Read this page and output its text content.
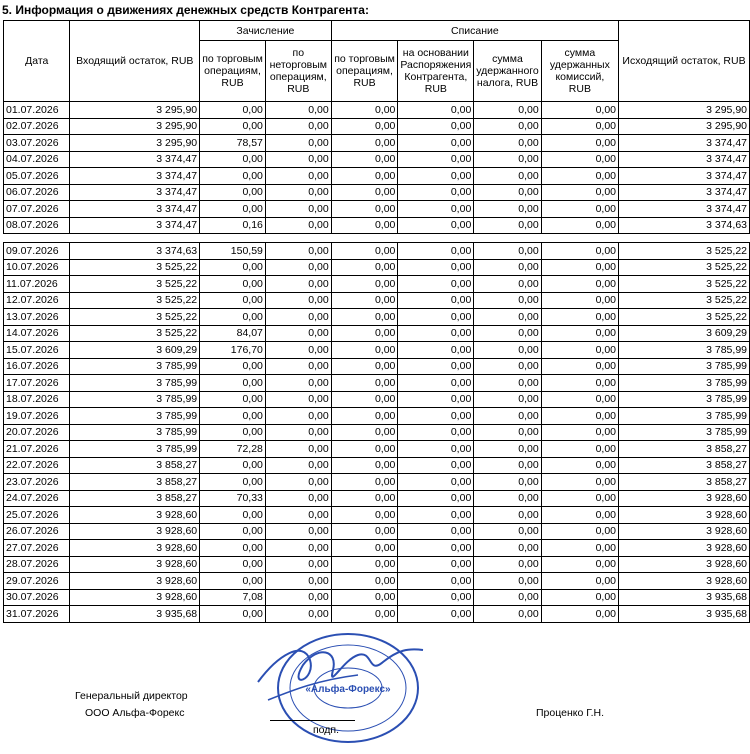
5. Информация о движениях денежных средств Контрагента:
Дата	Входящий остаток, RUB	Зачисление		Списание				Исходящий остаток, RUB
		по торговым операциям, RUB	по неторговым операциям, RUB	по торговым операциям, RUB	на основании Распоряжения Контрагента, RUB	сумма удержанного налога, RUB	сумма удержанных комиссий, RUB	
01.07.2026	3 295,90	0,00	0,00	0,00	0,00	0,00	0,00	3 295,90
02.07.2026	3 295,90	0,00	0,00	0,00	0,00	0,00	0,00	3 295,90
03.07.2026	3 295,90	78,57	0,00	0,00	0,00	0,00	0,00	3 374,47
04.07.2026	3 374,47	0,00	0,00	0,00	0,00	0,00	0,00	3 374,47
05.07.2026	3 374,47	0,00	0,00	0,00	0,00	0,00	0,00	3 374,47
06.07.2026	3 374,47	0,00	0,00	0,00	0,00	0,00	0,00	3 374,47
07.07.2026	3 374,47	0,00	0,00	0,00	0,00	0,00	0,00	3 374,47
08.07.2026	3 374,47	0,16	0,00	0,00	0,00	0,00	0,00	3 374,63

09.07.2026	3 374,63	150,59	0,00	0,00	0,00	0,00	0,00	3 525,22
10.07.2026	3 525,22	0,00	0,00	0,00	0,00	0,00	0,00	3 525,22
11.07.2026	3 525,22	0,00	0,00	0,00	0,00	0,00	0,00	3 525,22
12.07.2026	3 525,22	0,00	0,00	0,00	0,00	0,00	0,00	3 525,22
13.07.2026	3 525,22	0,00	0,00	0,00	0,00	0,00	0,00	3 525,22
14.07.2026	3 525,22	84,07	0,00	0,00	0,00	0,00	0,00	3 609,29
15.07.2026	3 609,29	176,70	0,00	0,00	0,00	0,00	0,00	3 785,99
16.07.2026	3 785,99	0,00	0,00	0,00	0,00	0,00	0,00	3 785,99
17.07.2026	3 785,99	0,00	0,00	0,00	0,00	0,00	0,00	3 785,99
18.07.2026	3 785,99	0,00	0,00	0,00	0,00	0,00	0,00	3 785,99
19.07.2026	3 785,99	0,00	0,00	0,00	0,00	0,00	0,00	3 785,99
20.07.2026	3 785,99	0,00	0,00	0,00	0,00	0,00	0,00	3 785,99
21.07.2026	3 785,99	72,28	0,00	0,00	0,00	0,00	0,00	3 858,27
22.07.2026	3 858,27	0,00	0,00	0,00	0,00	0,00	0,00	3 858,27
23.07.2026	3 858,27	0,00	0,00	0,00	0,00	0,00	0,00	3 858,27
24.07.2026	3 858,27	70,33	0,00	0,00	0,00	0,00	0,00	3 928,60
25.07.2026	3 928,60	0,00	0,00	0,00	0,00	0,00	0,00	3 928,60
26.07.2026	3 928,60	0,00	0,00	0,00	0,00	0,00	0,00	3 928,60
27.07.2026	3 928,60	0,00	0,00	0,00	0,00	0,00	0,00	3 928,60
28.07.2026	3 928,60	0,00	0,00	0,00	0,00	0,00	0,00	3 928,60
29.07.2026	3 928,60	0,00	0,00	0,00	0,00	0,00	0,00	3 928,60
30.07.2026	3 928,60	7,08	0,00	0,00	0,00	0,00	0,00	3 935,68
31.07.2026	3 935,68	0,00	0,00	0,00	0,00	0,00	0,00	3 935,68
«Альфа-Форекс»
Генеральный директор
ООО Альфа-Форекс
подп.
Проценко Г.Н.
